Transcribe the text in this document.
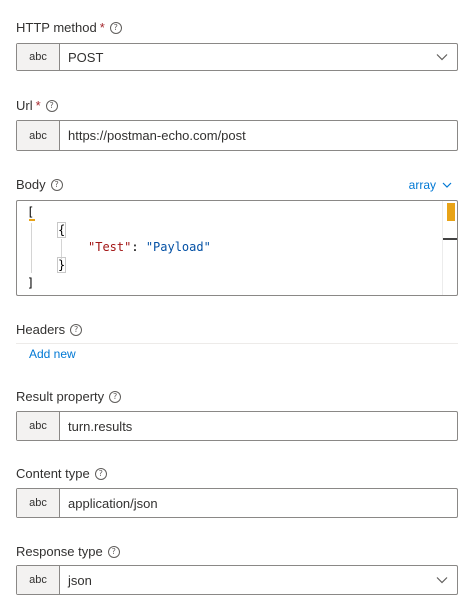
HTTP method *	?
abc	POST
Url *	?
abc	https://postman-echo.com/post
Body	?	array
[
{
"Test": "Payload"
}
]
Headers	?
Add new
Result property	?
abc	turn.results
Content type	?
abc	application/json
Response type	?
abc	json
